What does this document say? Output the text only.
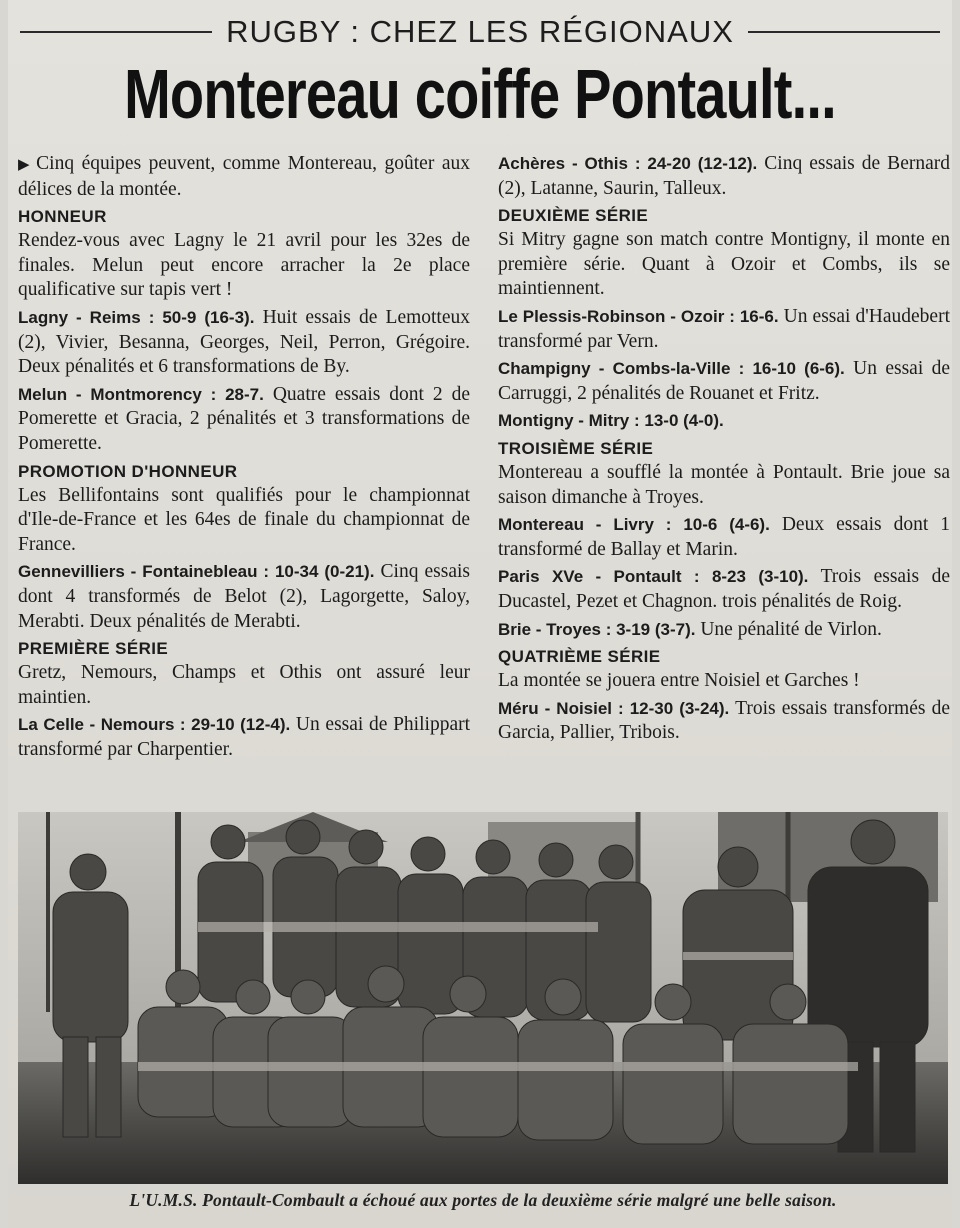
RUGBY : CHEZ LES RÉGIONAUX
Montereau coiffe Pontault...

▶ Cinq équipes peuvent, comme Montereau, goûter aux délices de la montée.

HONNEUR

Rendez-vous avec Lagny le 21 avril pour les 32es de finales. Melun peut encore arracher la 2e place qualificative sur tapis vert !

Lagny - Reims : 50-9 (16-3). Huit essais de Lemotteux (2), Vivier, Besanna, Georges, Neil, Perron, Grégoire. Deux pénalités et 6 transformations de By.

Melun - Montmorency : 28-7. Quatre essais dont 2 de Pomerette et Gracia, 2 pénalités et 3 transformations de Pomerette.

PROMOTION D'HONNEUR

Les Bellifontains sont qualifiés pour le championnat d'Ile-de-France et les 64es de finale du championnat de France.

Gennevilliers - Fontainebleau : 10-34 (0-21). Cinq essais dont 4 transformés de Belot (2), Lagorgette, Saloy, Merabti. Deux pénalités de Merabti.

PREMIÈRE SÉRIE

Gretz, Nemours, Champs et Othis ont assuré leur maintien.

La Celle - Nemours : 29-10 (12-4). Un essai de Philippart transformé par Charpentier.

Achères - Othis : 24-20 (12-12). Cinq essais de Bernard (2), Latanne, Saurin, Talleux.

DEUXIÈME SÉRIE

Si Mitry gagne son match contre Montigny, il monte en première série. Quant à Ozoir et Combs, ils se maintiennent.

Le Plessis-Robinson - Ozoir : 16-6. Un essai d'Haudebert transformé par Vern.

Champigny - Combs-la-Ville : 16-10 (6-6). Un essai de Carruggi, 2 pénalités de Rouanet et Fritz.

Montigny - Mitry : 13-0 (4-0).

TROISIÈME SÉRIE

Montereau a soufflé la montée à Pontault. Brie joue sa saison dimanche à Troyes.

Montereau - Livry : 10-6 (4-6). Deux essais dont 1 transformé de Ballay et Marin.

Paris XVe - Pontault : 8-23 (3-10). Trois essais de Ducastel, Pezet et Chagnon. trois pénalités de Roig.

Brie - Troyes : 3-19 (3-7). Une pénalité de Virlon.

QUATRIÈME SÉRIE

La montée se jouera entre Noisiel et Garches !

Méru - Noisiel : 12-30 (3-24). Trois essais transformés de Garcia, Pallier, Tribois.

L'U.M.S. Pontault-Combault a échoué aux portes de la deuxième série malgré une belle saison.
